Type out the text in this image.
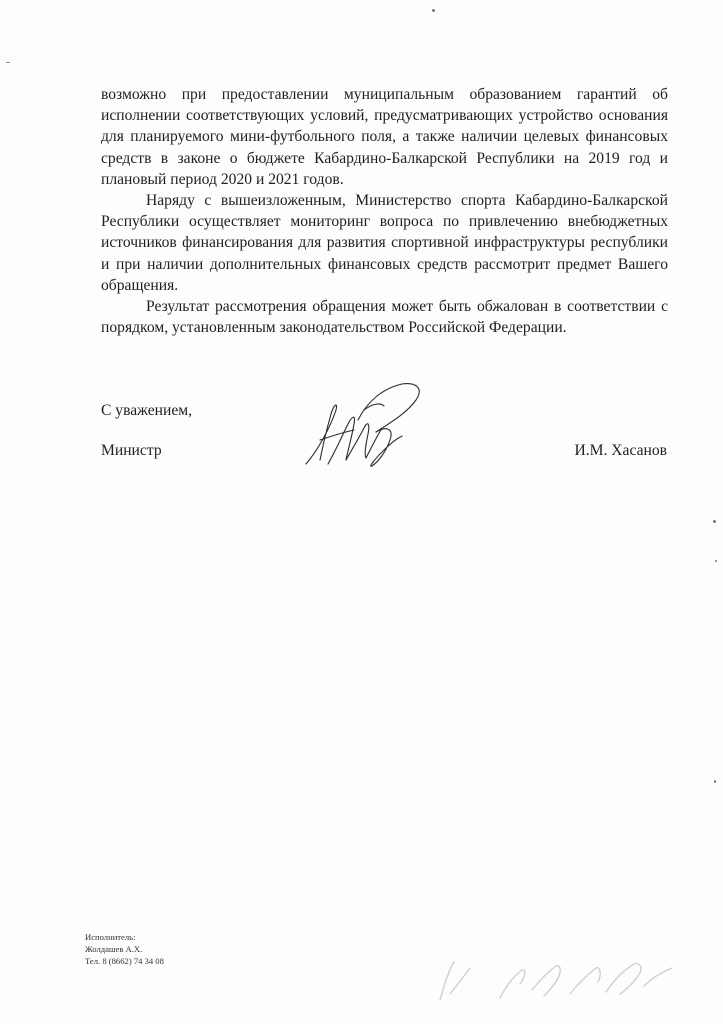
возможно при предоставлении муниципальным образованием гарантий об исполнении соответствующих условий, предусматривающих устройство основания для планируемого мини-футбольного поля, а также наличии целевых финансовых средств в законе о бюджете Кабардино-Балкарской Республики на 2019 год и плановый период 2020 и 2021 годов.

Наряду с вышеизложенным, Министерство спорта Кабардино-Балкарской Республики осуществляет мониторинг вопроса по привлечению внебюджетных источников финансирования для развития спортивной инфраструктуры республики и при наличии дополнительных финансовых средств рассмотрит предмет Вашего обращения.

Результат рассмотрения обращения может быть обжалован в соответствии с порядком, установленным законодательством Российской Федерации.

С уважением,
Министр	И.М. Хасанов
Исполнитель:
Жолдашев А.Х.
Тел. 8 (8662) 74 34 08
